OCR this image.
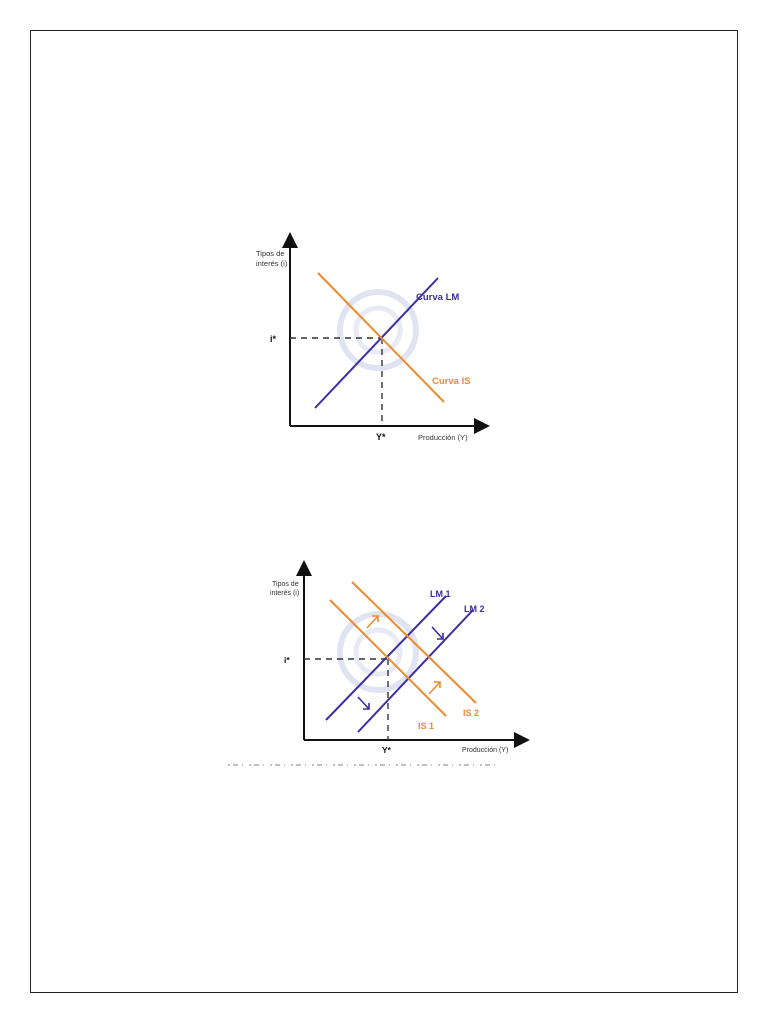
Tipos de
interés (i)
Producción (Y)
i*
Y*
Curva LM
Curva IS
Tipos de
interés (i)
Producción (Y)
i*
Y*
LM 1
LM 2
IS 1
IS 2
